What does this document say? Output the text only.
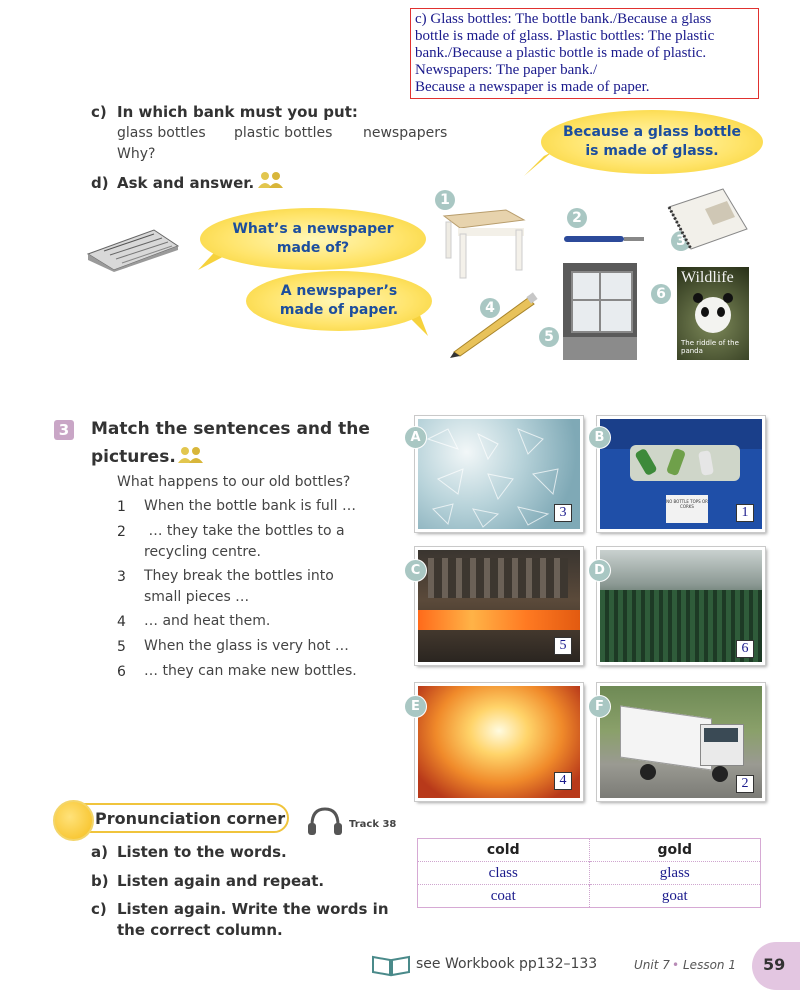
c) Glass bottles: The bottle bank./Because a glass
bottle is made of glass. Plastic bottles: The plastic
bank./Because a plastic bottle is made of plastic.
Newspapers: The paper bank./
Because a newspaper is made of paper.
c) In which bank must you put:
glass bottles plastic bottles newspapers
Why?
Because a glass bottle is made of glass.
d) Ask and answer.
What’s a newspaper made of?
A newspaper’s made of paper.
1
2
3
4
5
6
Wildlife
The riddle of the panda
3 Match the sentences and the
pictures.
What happens to our old bottles?
1 When the bottle bank is full …
2 … they take the bottles to a
recycling centre.
3 They break the bottles into
small pieces …
4 … and heat them.
5 When the glass is very hot …
6 … they can make new bottles.
3
A
NO BOTTLE TOPS OR CORKS	1
B
5
C
6
D
4
E
2
F
Pronunciation corner	Track 38
a) Listen to the words.
b) Listen again and repeat.
c) Listen again. Write the words in
the correct column.
cold	gold
class	glass
coat	goat
see Workbook pp132–133	Unit 7 • Lesson 1 59
